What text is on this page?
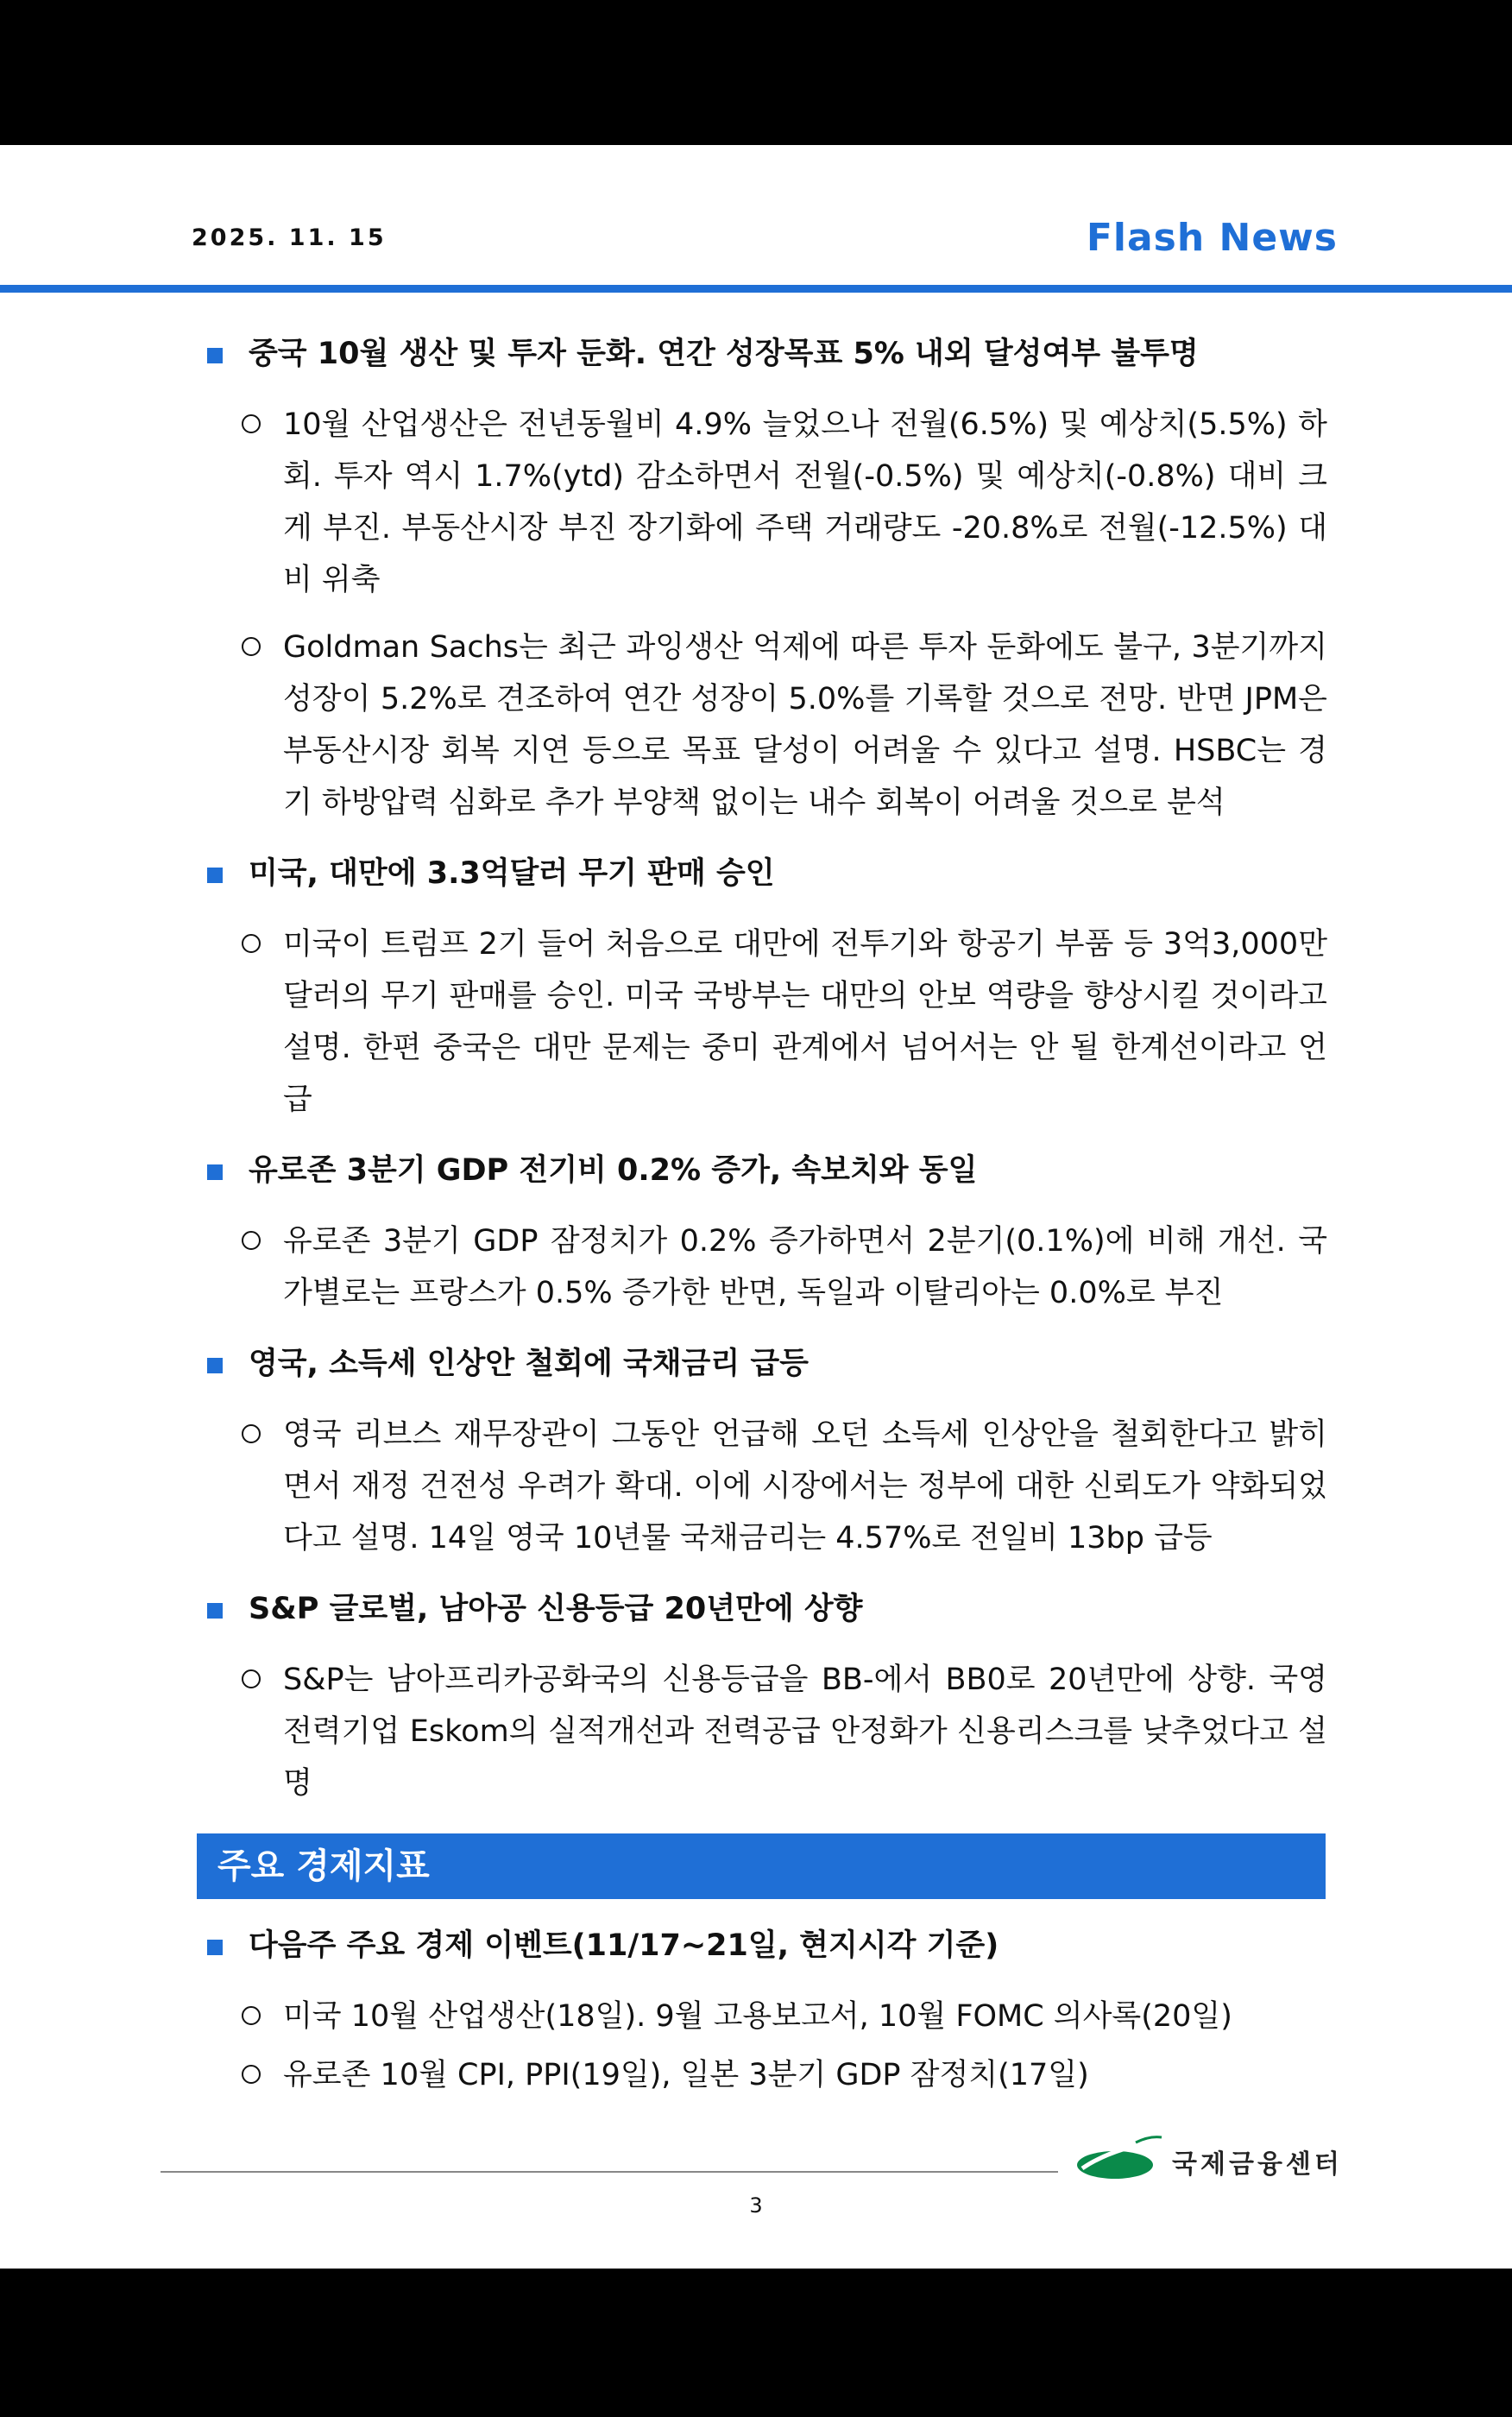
2025. 11. 15	Flash News
중국 10월 생산 및 투자 둔화. 연간 성장목표 5% 내외 달성여부 불투명
10월 산업생산은 전년동월비 4.9% 늘었으나 전월(6.5%) 및 예상치(5.5%) 하회. 투자 역시 1.7%(ytd) 감소하면서 전월(-0.5%) 및 예상치(-0.8%) 대비 크게 부진. 부동산시장 부진 장기화에 주택 거래량도 -20.8%로 전월(-12.5%) 대비 위축
Goldman Sachs는 최근 과잉생산 억제에 따른 투자 둔화에도 불구, 3분기까지 성장이 5.2%로 견조하여 연간 성장이 5.0%를 기록할 것으로 전망. 반면 JPM은 부동산시장 회복 지연 등으로 목표 달성이 어려울 수 있다고 설명. HSBC는 경기 하방압력 심화로 추가 부양책 없이는 내수 회복이 어려울 것으로 분석
미국, 대만에 3.3억달러 무기 판매 승인
미국이 트럼프 2기 들어 처음으로 대만에 전투기와 항공기 부품 등 3억3,000만 달러의 무기 판매를 승인. 미국 국방부는 대만의 안보 역량을 향상시킬 것이라고 설명. 한편 중국은 대만 문제는 중미 관계에서 넘어서는 안 될 한계선이라고 언급
유로존 3분기 GDP 전기비 0.2% 증가, 속보치와 동일
유로존 3분기 GDP 잠정치가 0.2% 증가하면서 2분기(0.1%)에 비해 개선. 국가별로는 프랑스가 0.5% 증가한 반면, 독일과 이탈리아는 0.0%로 부진
영국, 소득세 인상안 철회에 국채금리 급등
영국 리브스 재무장관이 그동안 언급해 오던 소득세 인상안을 철회한다고 밝히면서 재정 건전성 우려가 확대. 이에 시장에서는 정부에 대한 신뢰도가 약화되었다고 설명. 14일 영국 10년물 국채금리는 4.57%로 전일비 13bp 급등
S&P 글로벌, 남아공 신용등급 20년만에 상향
S&P는 남아프리카공화국의 신용등급을 BB-에서 BB0로 20년만에 상향. 국영 전력기업 Eskom의 실적개선과 전력공급 안정화가 신용리스크를 낮추었다고 설명
주요 경제지표
다음주 주요 경제 이벤트(11/17~21일, 현지시각 기준)
미국 10월 산업생산(18일). 9월 고용보고서, 10월 FOMC 의사록(20일)
유로존 10월 CPI, PPI(19일), 일본 3분기 GDP 잠정치(17일)
국제금융센터
3
